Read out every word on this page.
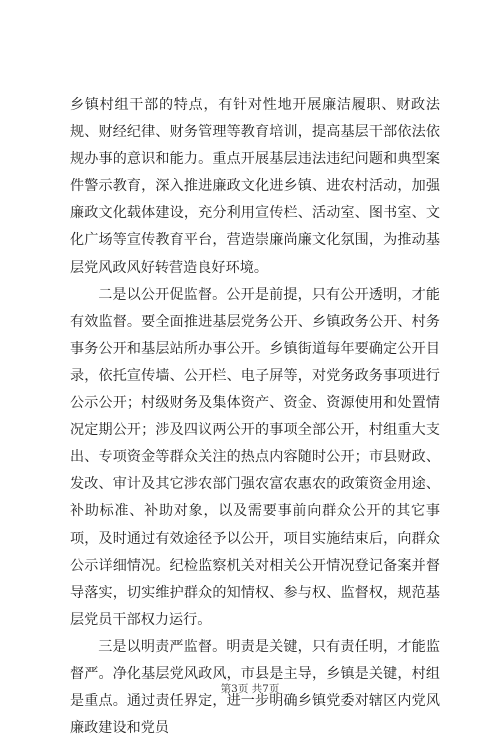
乡镇村组干部的特点，有针对性地开展廉洁履职、财政法规、财经纪律、财务管理等教育培训，提高基层干部依法依规办事的意识和能力。重点开展基层违法违纪问题和典型案件警示教育，深入推进廉政文化进乡镇、进农村活动，加强廉政文化载体建设，充分利用宣传栏、活动室、图书室、文化广场等宣传教育平台，营造崇廉尚廉文化氛围，为推动基层党风政风好转营造良好环境。

二是以公开促监督。公开是前提，只有公开透明，才能有效监督。要全面推进基层党务公开、乡镇政务公开、村务事务公开和基层站所办事公开。乡镇街道每年要确定公开目录，依托宣传墙、公开栏、电子屏等，对党务政务事项进行公示公开；村级财务及集体资产、资金、资源使用和处置情况定期公开；涉及四议两公开的事项全部公开，村组重大支出、专项资金等群众关注的热点内容随时公开；市县财政、发改、审计及其它涉农部门强农富农惠农的政策资金用途、补助标准、补助对象，以及需要事前向群众公开的其它事项，及时通过有效途径予以公开，项目实施结束后，向群众公示详细情况。纪检监察机关对相关公开情况登记备案并督导落实，切实维护群众的知情权、参与权、监督权，规范基层党员干部权力运行。

三是以明责严监督。明责是关键，只有责任明，才能监督严。净化基层党风政风，市县是主导，乡镇是关键，村组是重点。通过责任界定，进一步明确乡镇党委对辖区内党风廉政建设和党员

第3页 共7页
